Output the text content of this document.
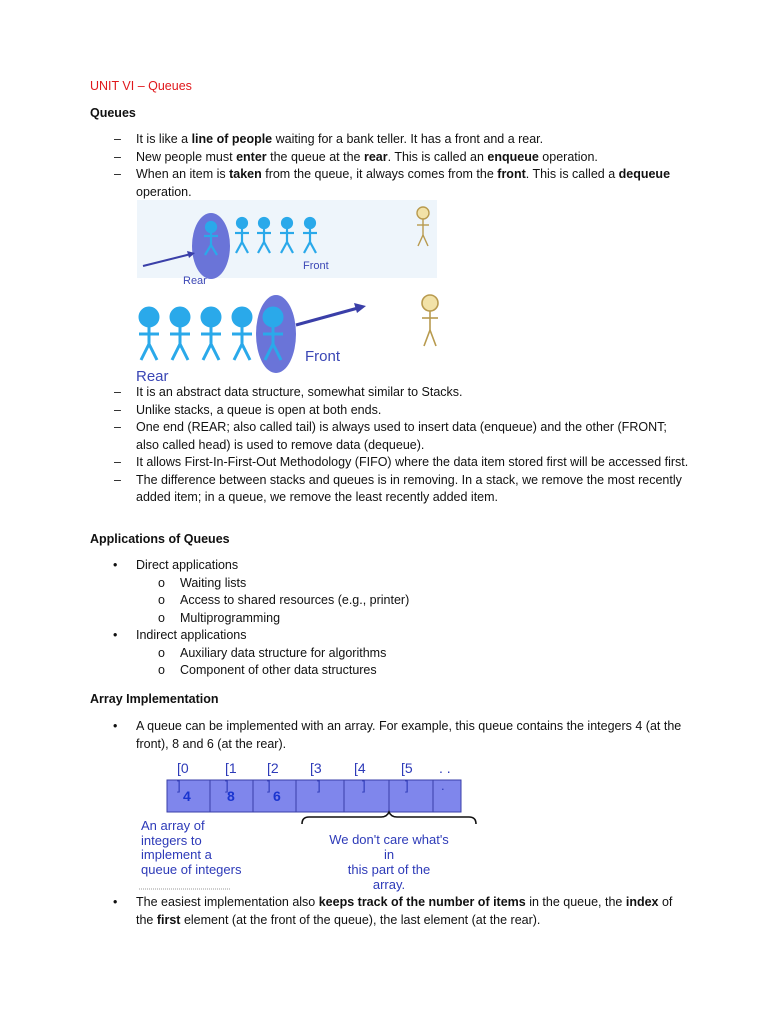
UNIT VI – Queues
Queues
– It is like a line of people waiting for a bank teller. It has a front and a rear.
– New people must enter the queue at the rear. This is called an enqueue operation.
– When an item is taken from the queue, it always comes from the front. This is called a dequeue operation.
Rear
Front
Rear
Front
– It is an abstract data structure, somewhat similar to Stacks.
– Unlike stacks, a queue is open at both ends.
– One end (REAR; also called tail) is always used to insert data (enqueue) and the other (FRONT; also called head) is used to remove data (dequeue).
– It allows First-In-First-Out Methodology (FIFO) where the data item stored first will be accessed first.
– The difference between stacks and queues is in removing. In a stack, we remove the most recently added item; in a queue, we remove the least recently added item.
Applications of Queues
• Direct applications
o Waiting lists
o Access to shared resources (e.g., printer)
o Multiprogramming
• Indirect applications
o Auxiliary data structure for algorithms
o Component of other data structures
Array Implementation
• A queue can be implemented with an array. For example, this queue contains the integers 4 (at the front), 8 and 6 (at the rear).
[0	[1 [2 [3 [4	[5 . .
]	]	]	]	]	] .
4	8	6
An array of
integers to
implement a
queue of integers
We don't care what's
in
this part of the
array.
• The easiest implementation also keeps track of the number of items in the queue, the index of the first element (at the front of the queue), the last element (at the rear).
